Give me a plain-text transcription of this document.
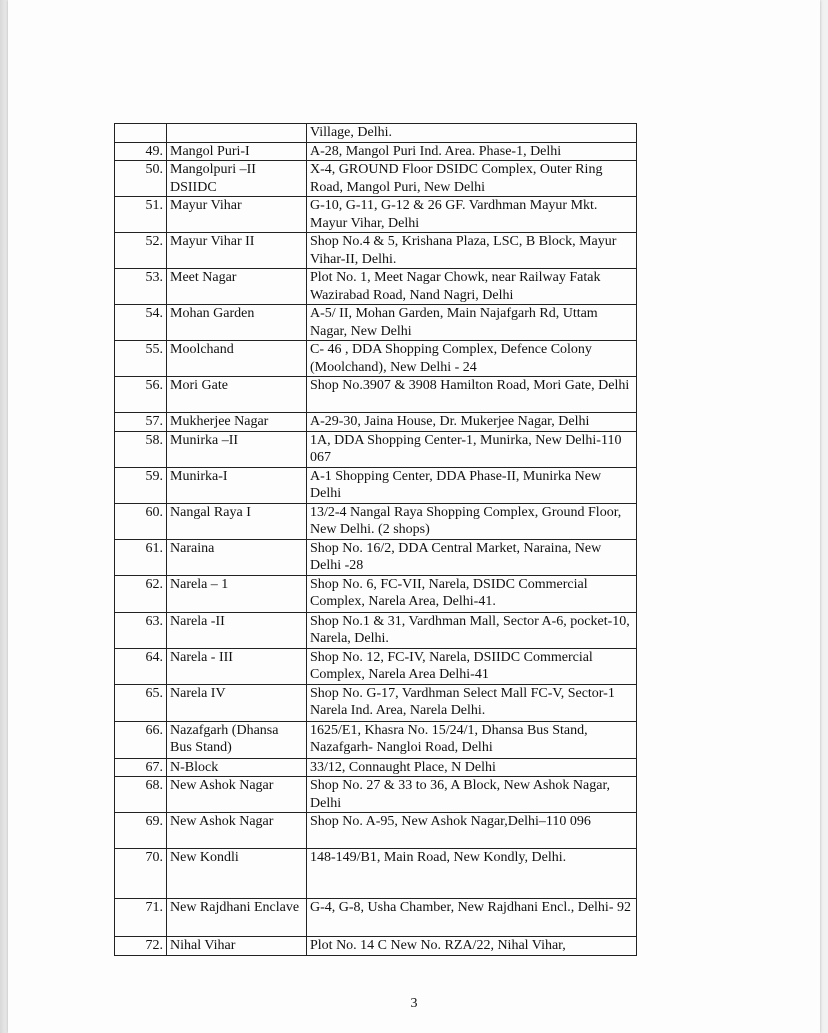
		Village, Delhi.
49.	Mangol Puri-I	A-28, Mangol Puri Ind. Area. Phase-1, Delhi
50.	Mangolpuri –II DSIIDC	X-4, GROUND Floor DSIDC Complex, Outer Ring Road, Mangol Puri, New Delhi
51.	Mayur Vihar	G-10, G-11, G-12 & 26 GF. Vardhman Mayur Mkt. Mayur Vihar, Delhi
52.	Mayur Vihar II	Shop No.4 & 5, Krishana Plaza, LSC, B Block, Mayur Vihar-II, Delhi.
53.	Meet Nagar	Plot No. 1, Meet Nagar Chowk, near Railway Fatak Wazirabad Road, Nand Nagri, Delhi
54.	Mohan Garden	A-5/ II, Mohan Garden, Main Najafgarh Rd, Uttam Nagar, New Delhi
55.	Moolchand	C- 46 , DDA Shopping Complex, Defence Colony (Moolchand), New Delhi - 24
56.	Mori Gate	Shop No.3907 & 3908 Hamilton Road, Mori Gate, Delhi
57.	Mukherjee Nagar	A-29-30, Jaina House, Dr. Mukerjee Nagar, Delhi
58.	Munirka –II	1A, DDA Shopping Center-1, Munirka, New Delhi-110 067
59.	Munirka-I	A-1 Shopping Center, DDA Phase-II, Munirka New Delhi
60.	Nangal Raya I	13/2-4 Nangal Raya Shopping Complex, Ground Floor, New Delhi. (2 shops)
61.	Naraina	Shop No. 16/2, DDA Central Market, Naraina, New Delhi -28
62.	Narela – 1	Shop No. 6, FC-VII, Narela, DSIDC Commercial Complex, Narela Area, Delhi-41.
63.	Narela -II	Shop No.1 & 31, Vardhman Mall, Sector A-6, pocket-10, Narela, Delhi.
64.	Narela - III	Shop No. 12, FC-IV, Narela, DSIIDC Commercial Complex, Narela Area Delhi-41
65.	Narela IV	Shop No. G-17, Vardhman Select Mall FC-V, Sector-1 Narela Ind. Area, Narela Delhi.
66.	Nazafgarh (Dhansa Bus Stand)	1625/E1, Khasra No. 15/24/1, Dhansa Bus Stand, Nazafgarh- Nangloi Road, Delhi
67.	N-Block	33/12, Connaught Place, N Delhi
68.	New Ashok Nagar	Shop No. 27 & 33 to 36, A Block, New Ashok Nagar, Delhi
69.	New Ashok Nagar	Shop No. A-95, New Ashok Nagar,Delhi–110 096
70.	New Kondli	148-149/B1, Main Road, New Kondly, Delhi.
71.	New Rajdhani Enclave	G-4, G-8, Usha Chamber, New Rajdhani Encl., Delhi- 92
72.	Nihal Vihar	Plot No. 14 C New No. RZA/22, Nihal Vihar,
3
